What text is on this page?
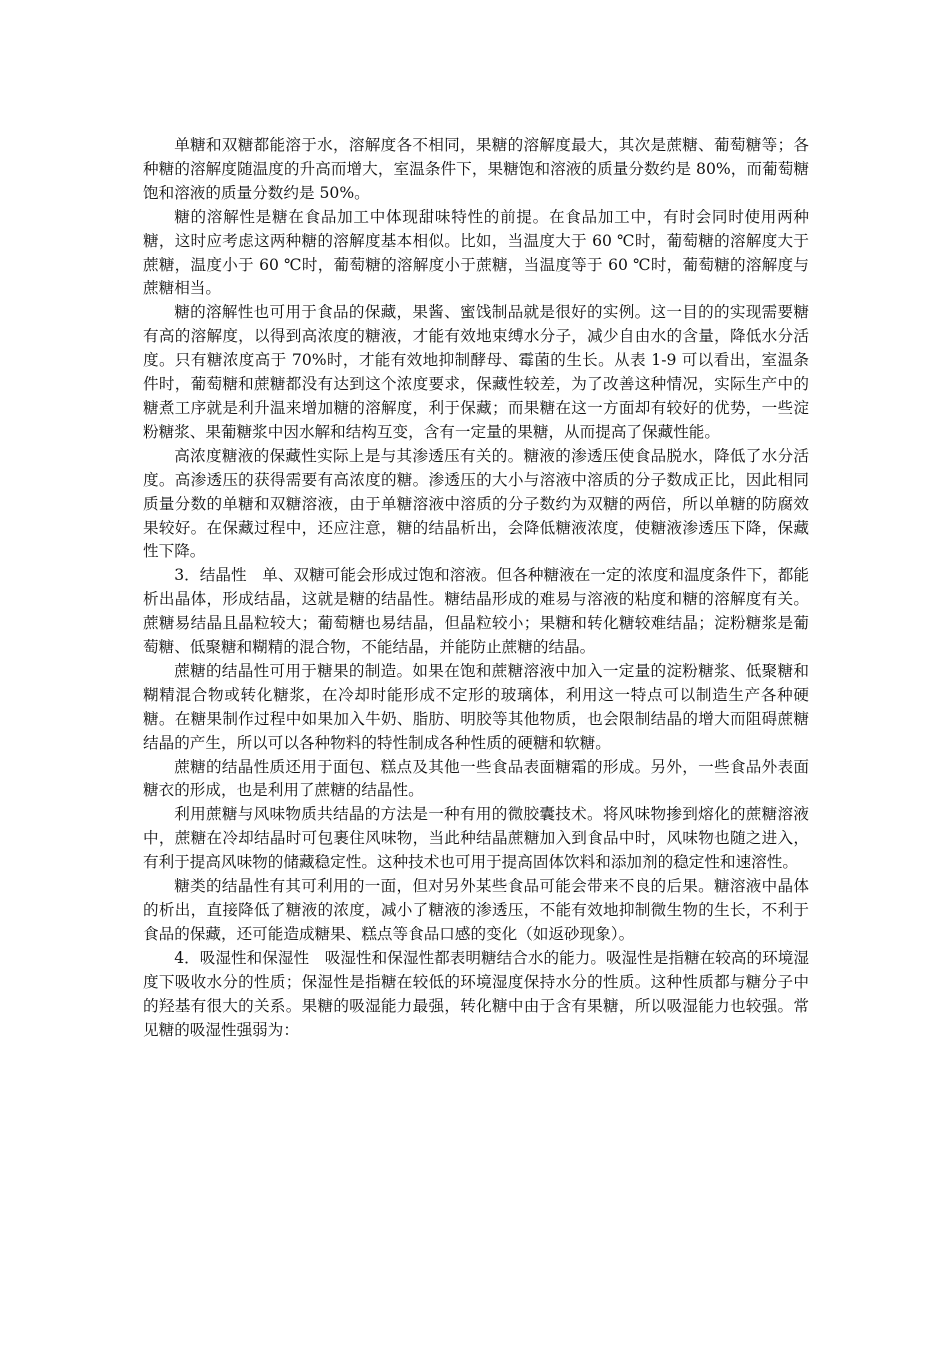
单糖和双糖都能溶于水，溶解度各不相同，果糖的溶解度最大，其次是蔗糖、葡萄糖等；各种糖的溶解度随温度的升高而增大，室温条件下，果糖饱和溶液的质量分数约是 80%，而葡萄糖饱和溶液的质量分数约是 50%。

糖的溶解性是糖在食品加工中体现甜味特性的前提。在食品加工中，有时会同时使用两种糖，这时应考虑这两种糖的溶解度基本相似。比如，当温度大于 60 ℃时，葡萄糖的溶解度大于蔗糖，温度小于 60 ℃时，葡萄糖的溶解度小于蔗糖，当温度等于 60 ℃时，葡萄糖的溶解度与蔗糖相当。

糖的溶解性也可用于食品的保藏，果酱、蜜饯制品就是很好的实例。这一目的的实现需要糖有高的溶解度，以得到高浓度的糖液，才能有效地束缚水分子，减少自由水的含量，降低水分活度。只有糖浓度高于 70%时，才能有效地抑制酵母、霉菌的生长。从表 1-9 可以看出，室温条件时，葡萄糖和蔗糖都没有达到这个浓度要求，保藏性较差，为了改善这种情况，实际生产中的糖煮工序就是利升温来增加糖的溶解度，利于保藏；而果糖在这一方面却有较好的优势，一些淀粉糖浆、果葡糖浆中因水解和结构互变，含有一定量的果糖，从而提高了保藏性能。

高浓度糖液的保藏性实际上是与其渗透压有关的。糖液的渗透压使食品脱水，降低了水分活度。高渗透压的获得需要有高浓度的糖。渗透压的大小与溶液中溶质的分子数成正比，因此相同质量分数的单糖和双糖溶液，由于单糖溶液中溶质的分子数约为双糖的两倍，所以单糖的防腐效果较好。在保藏过程中，还应注意，糖的结晶析出，会降低糖液浓度，使糖液渗透压下降，保藏性下降。

3．结晶性　单、双糖可能会形成过饱和溶液。但各种糖液在一定的浓度和温度条件下，都能析出晶体，形成结晶，这就是糖的结晶性。糖结晶形成的难易与溶液的粘度和糖的溶解度有关。蔗糖易结晶且晶粒较大；葡萄糖也易结晶，但晶粒较小；果糖和转化糖较难结晶；淀粉糖浆是葡萄糖、低聚糖和糊精的混合物，不能结晶，并能防止蔗糖的结晶。

蔗糖的结晶性可用于糖果的制造。如果在饱和蔗糖溶液中加入一定量的淀粉糖浆、低聚糖和糊精混合物或转化糖浆，在冷却时能形成不定形的玻璃体，利用这一特点可以制造生产各种硬糖。在糖果制作过程中如果加入牛奶、脂肪、明胶等其他物质，也会限制结晶的增大而阻碍蔗糖结晶的产生，所以可以各种物料的特性制成各种性质的硬糖和软糖。

蔗糖的结晶性质还用于面包、糕点及其他一些食品表面糖霜的形成。另外，一些食品外表面糖衣的形成，也是利用了蔗糖的结晶性。

利用蔗糖与风味物质共结晶的方法是一种有用的微胶囊技术。将风味物掺到熔化的蔗糖溶液中，蔗糖在冷却结晶时可包裹住风味物，当此种结晶蔗糖加入到食品中时，风味物也随之进入，有利于提高风味物的储藏稳定性。这种技术也可用于提高固体饮料和添加剂的稳定性和速溶性。

糖类的结晶性有其可利用的一面，但对另外某些食品可能会带来不良的后果。糖溶液中晶体的析出，直接降低了糖液的浓度，减小了糖液的渗透压，不能有效地抑制微生物的生长，不利于食品的保藏，还可能造成糖果、糕点等食品口感的变化（如返砂现象）。

4．吸湿性和保湿性　吸湿性和保湿性都表明糖结合水的能力。吸湿性是指糖在较高的环境湿度下吸收水分的性质；保湿性是指糖在较低的环境湿度保持水分的性质。这种性质都与糖分子中的羟基有很大的关系。果糖的吸湿能力最强，转化糖中由于含有果糖，所以吸湿能力也较强。常见糖的吸湿性强弱为：
